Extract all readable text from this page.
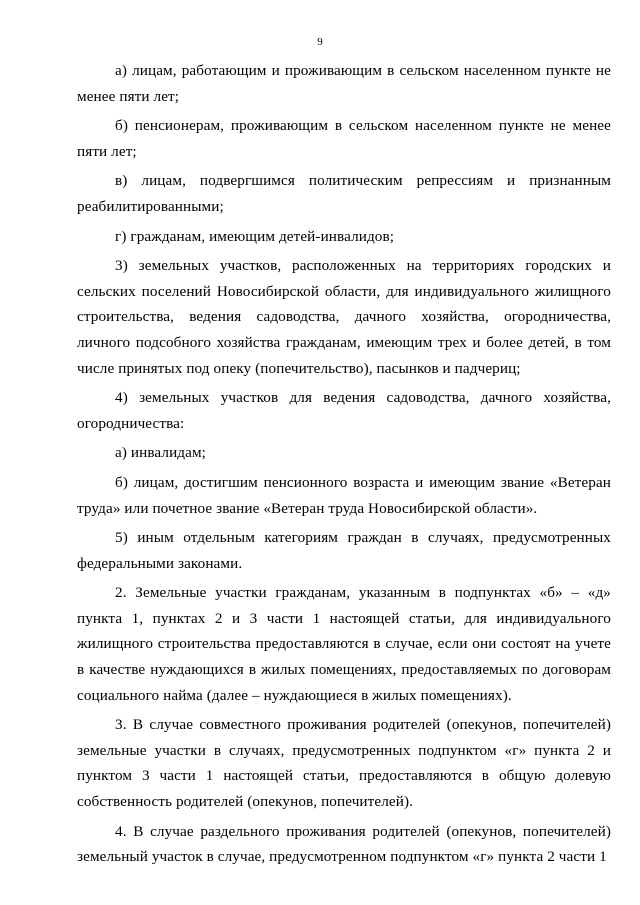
9

а) лицам, работающим и проживающим в сельском населенном пункте не менее пяти лет;

б) пенсионерам, проживающим в сельском населенном пункте не менее пяти лет;

в) лицам, подвергшимся политическим репрессиям и признанным реабилитированными;

г) гражданам, имеющим детей-инвалидов;

3) земельных участков, расположенных на территориях городских и сельских поселений Новосибирской области, для индивидуального жилищного строительства, ведения садоводства, дачного хозяйства, огородничества, личного подсобного хозяйства гражданам, имеющим трех и более детей, в том числе принятых под опеку (попечительство), пасынков и падчериц;

4) земельных участков для ведения садоводства, дачного хозяйства, огородничества:

а) инвалидам;

б) лицам, достигшим пенсионного возраста и имеющим звание «Ветеран труда» или почетное звание «Ветеран труда Новосибирской области».

5) иным отдельным категориям граждан в случаях, предусмотренных федеральными законами.

2. Земельные участки гражданам, указанным в подпунктах «б» – «д» пункта 1, пунктах 2 и 3 части 1 настоящей статьи, для индивидуального жилищного строительства предоставляются в случае, если они состоят на учете в качестве нуждающихся в жилых помещениях, предоставляемых по договорам социального найма (далее – нуждающиеся в жилых помещениях).

3. В случае совместного проживания родителей (опекунов, попечителей) земельные участки в случаях, предусмотренных подпунктом «г» пункта 2 и пунктом 3 части 1 настоящей статьи, предоставляются в общую долевую собственность родителей (опекунов, попечителей).

4. В случае раздельного проживания родителей (опекунов, попечителей) земельный участок в случае, предусмотренном подпунктом «г» пункта 2 части 1
